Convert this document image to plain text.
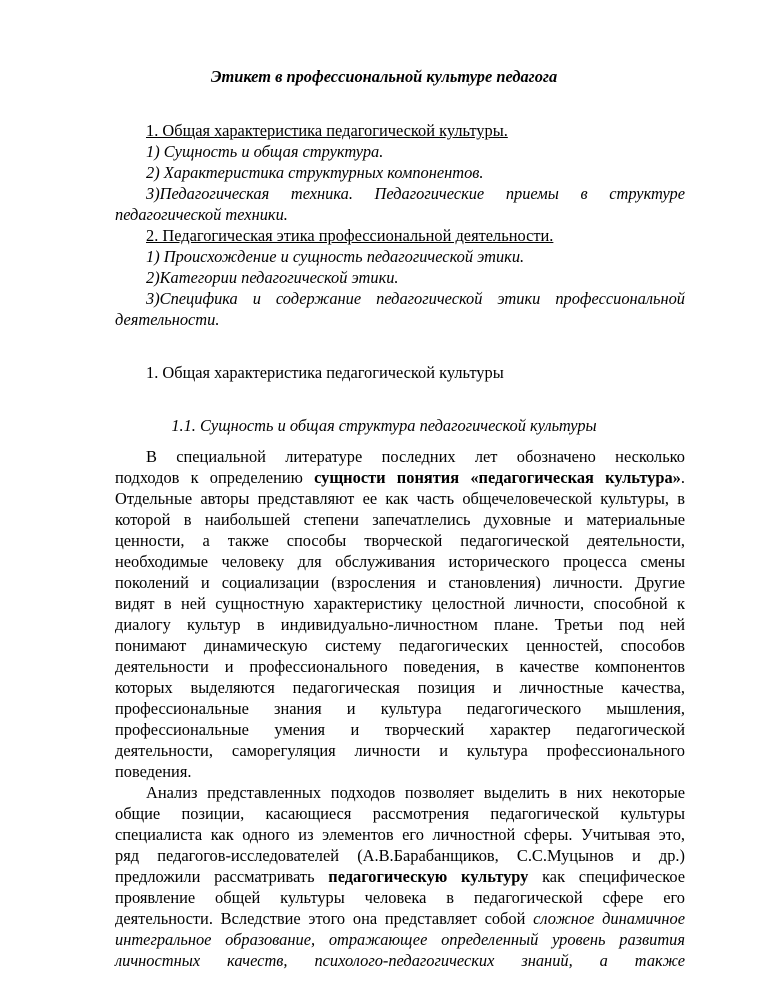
Этикет в профессиональной культуре педагога
1. Общая характеристика педагогической культуры.
1) Сущность и общая структура.
2) Характеристика структурных компонентов.
3)Педагогическая техника. Педагогические приемы в структуре
педагогической техники.
2. Педагогическая этика профессиональной деятельности.
1) Происхождение и сущность педагогической этики.
2)Категории педагогической этики.
3)Специфика и содержание педагогической этики профессиональной
деятельности.
1. Общая характеристика педагогической культуры
1.1. Сущность и общая структура педагогической культуры
В специальной литературе последних лет обозначено несколько
подходов к определению сущности понятия «педагогическая культура».
Отдельные авторы представляют ее как часть общечеловеческой культуры, в
которой в наибольшей степени запечатлелись духовные и материальные
ценности, а также способы творческой педагогической деятельности,
необходимые человеку для обслуживания исторического процесса смены
поколений и социализации (взросления и становления) личности. Другие
видят в ней сущностную характеристику целостной личности, способной к
диалогу культур в индивидуально-личностном плане. Третьи под ней
понимают динамическую систему педагогических ценностей, способов
деятельности и профессионального поведения, в качестве компонентов
которых выделяются педагогическая позиция и личностные качества,
профессиональные знания и культура педагогического мышления,
профессиональные умения и творческий характер педагогической
деятельности, саморегуляция личности и культура профессионального
поведения.
Анализ представленных подходов позволяет выделить в них некоторые
общие позиции, касающиеся рассмотрения педагогической культуры
специалиста как одного из элементов его личностной сферы. Учитывая это,
ряд педагогов-исследователей (А.В.Барабанщиков, С.С.Муцынов и др.)
предложили рассматривать педагогическую культуру как специфическое
проявление общей культуры человека в педагогической сфере его
деятельности. Вследствие этого она представляет собой сложное динамичное
интегральное образование, отражающее определенный уровень развития
личностных качеств, психолого-педагогических знаний, а также
